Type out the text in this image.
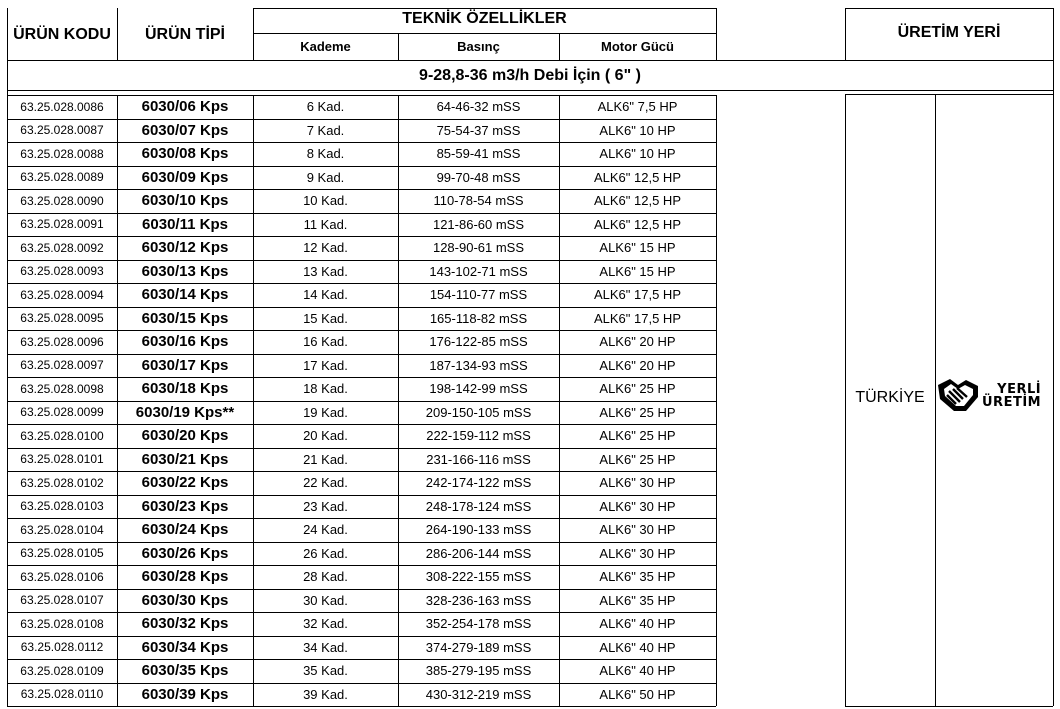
ÜRÜN KODU	ÜRÜN TİPİ
TEKNİK ÖZELLİKLER
Kademe	Basınç	Motor Gücü
ÜRETİM YERİ
9-28,8-36 m3/h Debi İçin ( 6" )
TÜRKİYE	YERLİ
ÜRETİM
63.25.028.0086	6030/06 Kps	6 Kad.	64-46-32 mSS	ALK6" 7,5 HP
63.25.028.0087	6030/07 Kps	7 Kad.	75-54-37 mSS	ALK6" 10 HP
63.25.028.0088	6030/08 Kps	8 Kad.	85-59-41 mSS	ALK6" 10 HP
63.25.028.0089	6030/09 Kps	9 Kad.	99-70-48 mSS	ALK6" 12,5 HP
63.25.028.0090	6030/10 Kps	10 Kad.	110-78-54 mSS	ALK6" 12,5 HP
63.25.028.0091	6030/11 Kps	11 Kad.	121-86-60 mSS	ALK6" 12,5 HP
63.25.028.0092	6030/12 Kps	12 Kad.	128-90-61 mSS	ALK6" 15 HP
63.25.028.0093	6030/13 Kps	13 Kad.	143-102-71 mSS	ALK6" 15 HP
63.25.028.0094	6030/14 Kps	14 Kad.	154-110-77 mSS	ALK6" 17,5 HP
63.25.028.0095	6030/15 Kps	15 Kad.	165-118-82 mSS	ALK6" 17,5 HP
63.25.028.0096	6030/16 Kps	16 Kad.	176-122-85 mSS	ALK6" 20 HP
63.25.028.0097	6030/17 Kps	17 Kad.	187-134-93 mSS	ALK6" 20 HP
63.25.028.0098	6030/18 Kps	18 Kad.	198-142-99 mSS	ALK6" 25 HP
63.25.028.0099	6030/19 Kps**	19 Kad.	209-150-105 mSS	ALK6" 25 HP
63.25.028.0100	6030/20 Kps	20 Kad.	222-159-112 mSS	ALK6" 25 HP
63.25.028.0101	6030/21 Kps	21 Kad.	231-166-116 mSS	ALK6" 25 HP
63.25.028.0102	6030/22 Kps	22 Kad.	242-174-122 mSS	ALK6" 30 HP
63.25.028.0103	6030/23 Kps	23 Kad.	248-178-124 mSS	ALK6" 30 HP
63.25.028.0104	6030/24 Kps	24 Kad.	264-190-133 mSS	ALK6" 30 HP
63.25.028.0105	6030/26 Kps	26 Kad.	286-206-144 mSS	ALK6" 30 HP
63.25.028.0106	6030/28 Kps	28 Kad.	308-222-155 mSS	ALK6" 35 HP
63.25.028.0107	6030/30 Kps	30 Kad.	328-236-163 mSS	ALK6" 35 HP
63.25.028.0108	6030/32 Kps	32 Kad.	352-254-178 mSS	ALK6" 40 HP
63.25.028.0112	6030/34 Kps	34 Kad.	374-279-189 mSS	ALK6" 40 HP
63.25.028.0109	6030/35 Kps	35 Kad.	385-279-195 mSS	ALK6" 40 HP
63.25.028.0110	6030/39 Kps	39 Kad.	430-312-219 mSS	ALK6" 50 HP
